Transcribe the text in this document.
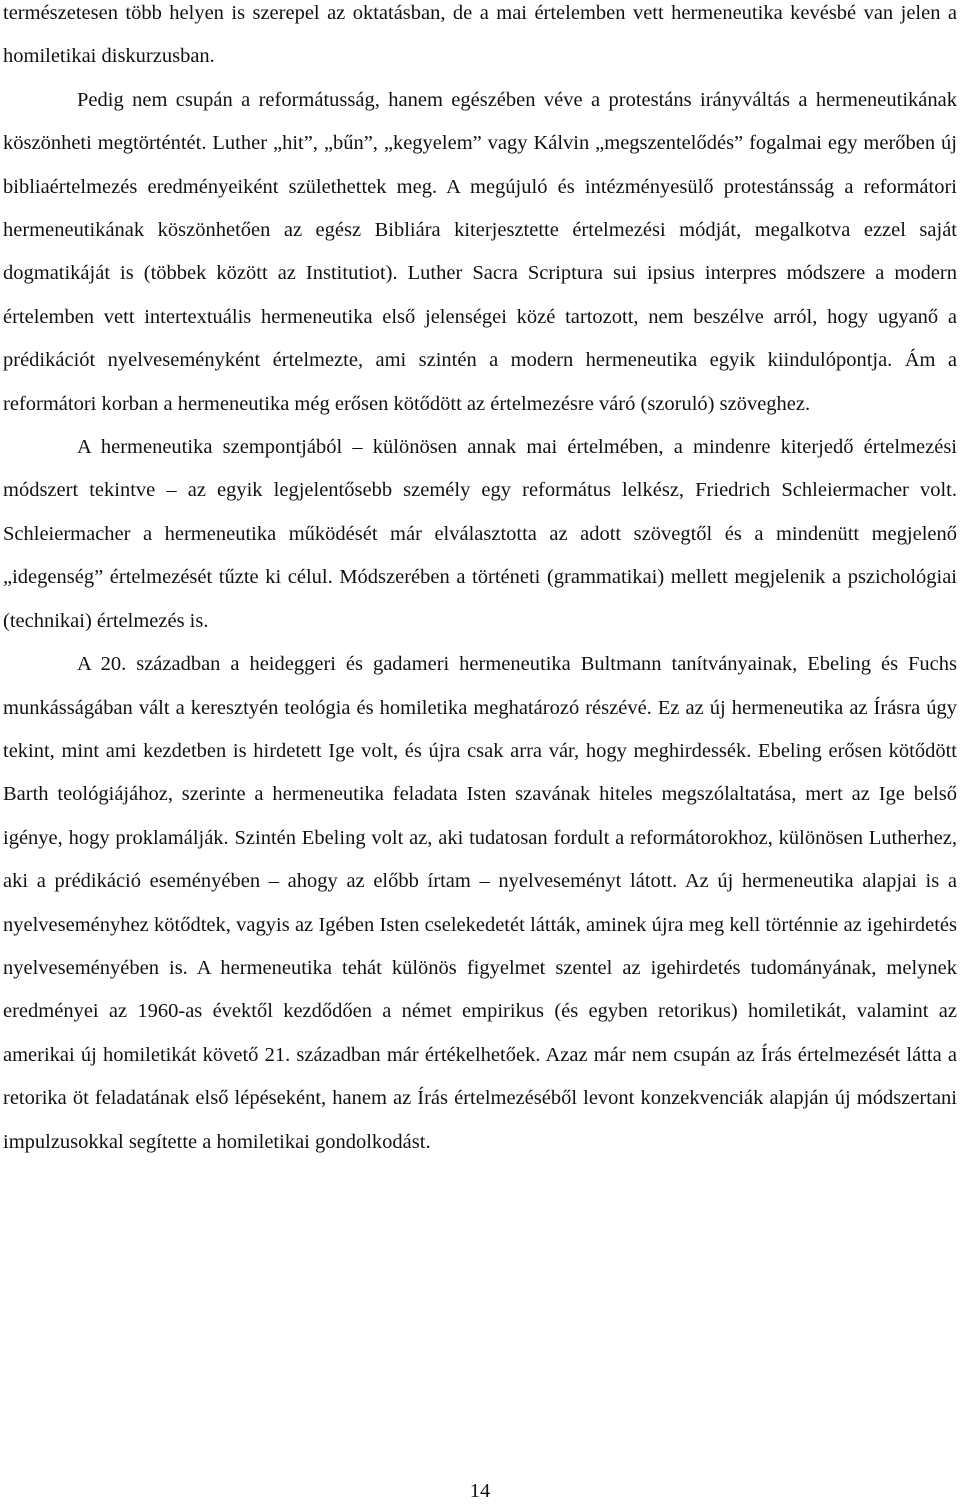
természetesen több helyen is szerepel az oktatásban, de a mai értelemben vett hermeneutika kevésbé van jelen a homiletikai diskurzusban.

Pedig nem csupán a reformátusság, hanem egészében véve a protestáns irányváltás a hermeneutikának köszönheti megtörténtét. Luther „hit”, „bűn”, „kegyelem” vagy Kálvin „megszentelődés” fogalmai egy merőben új bibliaértelmezés eredményeiként születhettek meg. A megújuló és intézményesülő protestánsság a reformátori hermeneutikának köszönhetően az egész Bibliára kiterjesztette értelmezési módját, megalkotva ezzel saját dogmatikáját is (többek között az Institutiot). Luther Sacra Scriptura sui ipsius interpres módszere a modern értelemben vett intertextuális hermeneutika első jelenségei közé tartozott, nem beszélve arról, hogy ugyanő a prédikációt nyelveseményként értelmezte, ami szintén a modern hermeneutika egyik kiindulópontja. Ám a reformátori korban a hermeneutika még erősen kötődött az értelmezésre váró (szoruló) szöveghez.

A hermeneutika szempontjából – különösen annak mai értelmében, a mindenre kiterjedő értelmezési módszert tekintve – az egyik legjelentősebb személy egy református lelkész, Friedrich Schleiermacher volt. Schleiermacher a hermeneutika működését már elválasztotta az adott szövegtől és a mindenütt megjelenő „idegenség” értelmezését tűzte ki célul. Módszerében a történeti (grammatikai) mellett megjelenik a pszichológiai (technikai) értelmezés is.

A 20. században a heideggeri és gadameri hermeneutika Bultmann tanítványainak, Ebeling és Fuchs munkásságában vált a keresztyén teológia és homiletika meghatározó részévé. Ez az új hermeneutika az Írásra úgy tekint, mint ami kezdetben is hirdetett Ige volt, és újra csak arra vár, hogy meghirdessék. Ebeling erősen kötődött Barth teológiájához, szerinte a hermeneutika feladata Isten szavának hiteles megszólaltatása, mert az Ige belső igénye, hogy proklamálják. Szintén Ebeling volt az, aki tudatosan fordult a reformátorokhoz, különösen Lutherhez, aki a prédikáció eseményében – ahogy az előbb írtam – nyelveseményt látott. Az új hermeneutika alapjai is a nyelveseményhez kötődtek, vagyis az Igében Isten cselekedetét látták, aminek újra meg kell történnie az igehirdetés nyelveseményében is. A hermeneutika tehát különös figyelmet szentel az igehirdetés tudományának, melynek eredményei az 1960-as évektől kezdődően a német empirikus (és egyben retorikus) homiletikát, valamint az amerikai új homiletikát követő 21. században már értékelhetőek. Azaz már nem csupán az Írás értelmezését látta a retorika öt feladatának első lépéseként, hanem az Írás értelmezéséből levont konzekvenciák alapján új módszertani impulzusokkal segítette a homiletikai gondolkodást.

14
